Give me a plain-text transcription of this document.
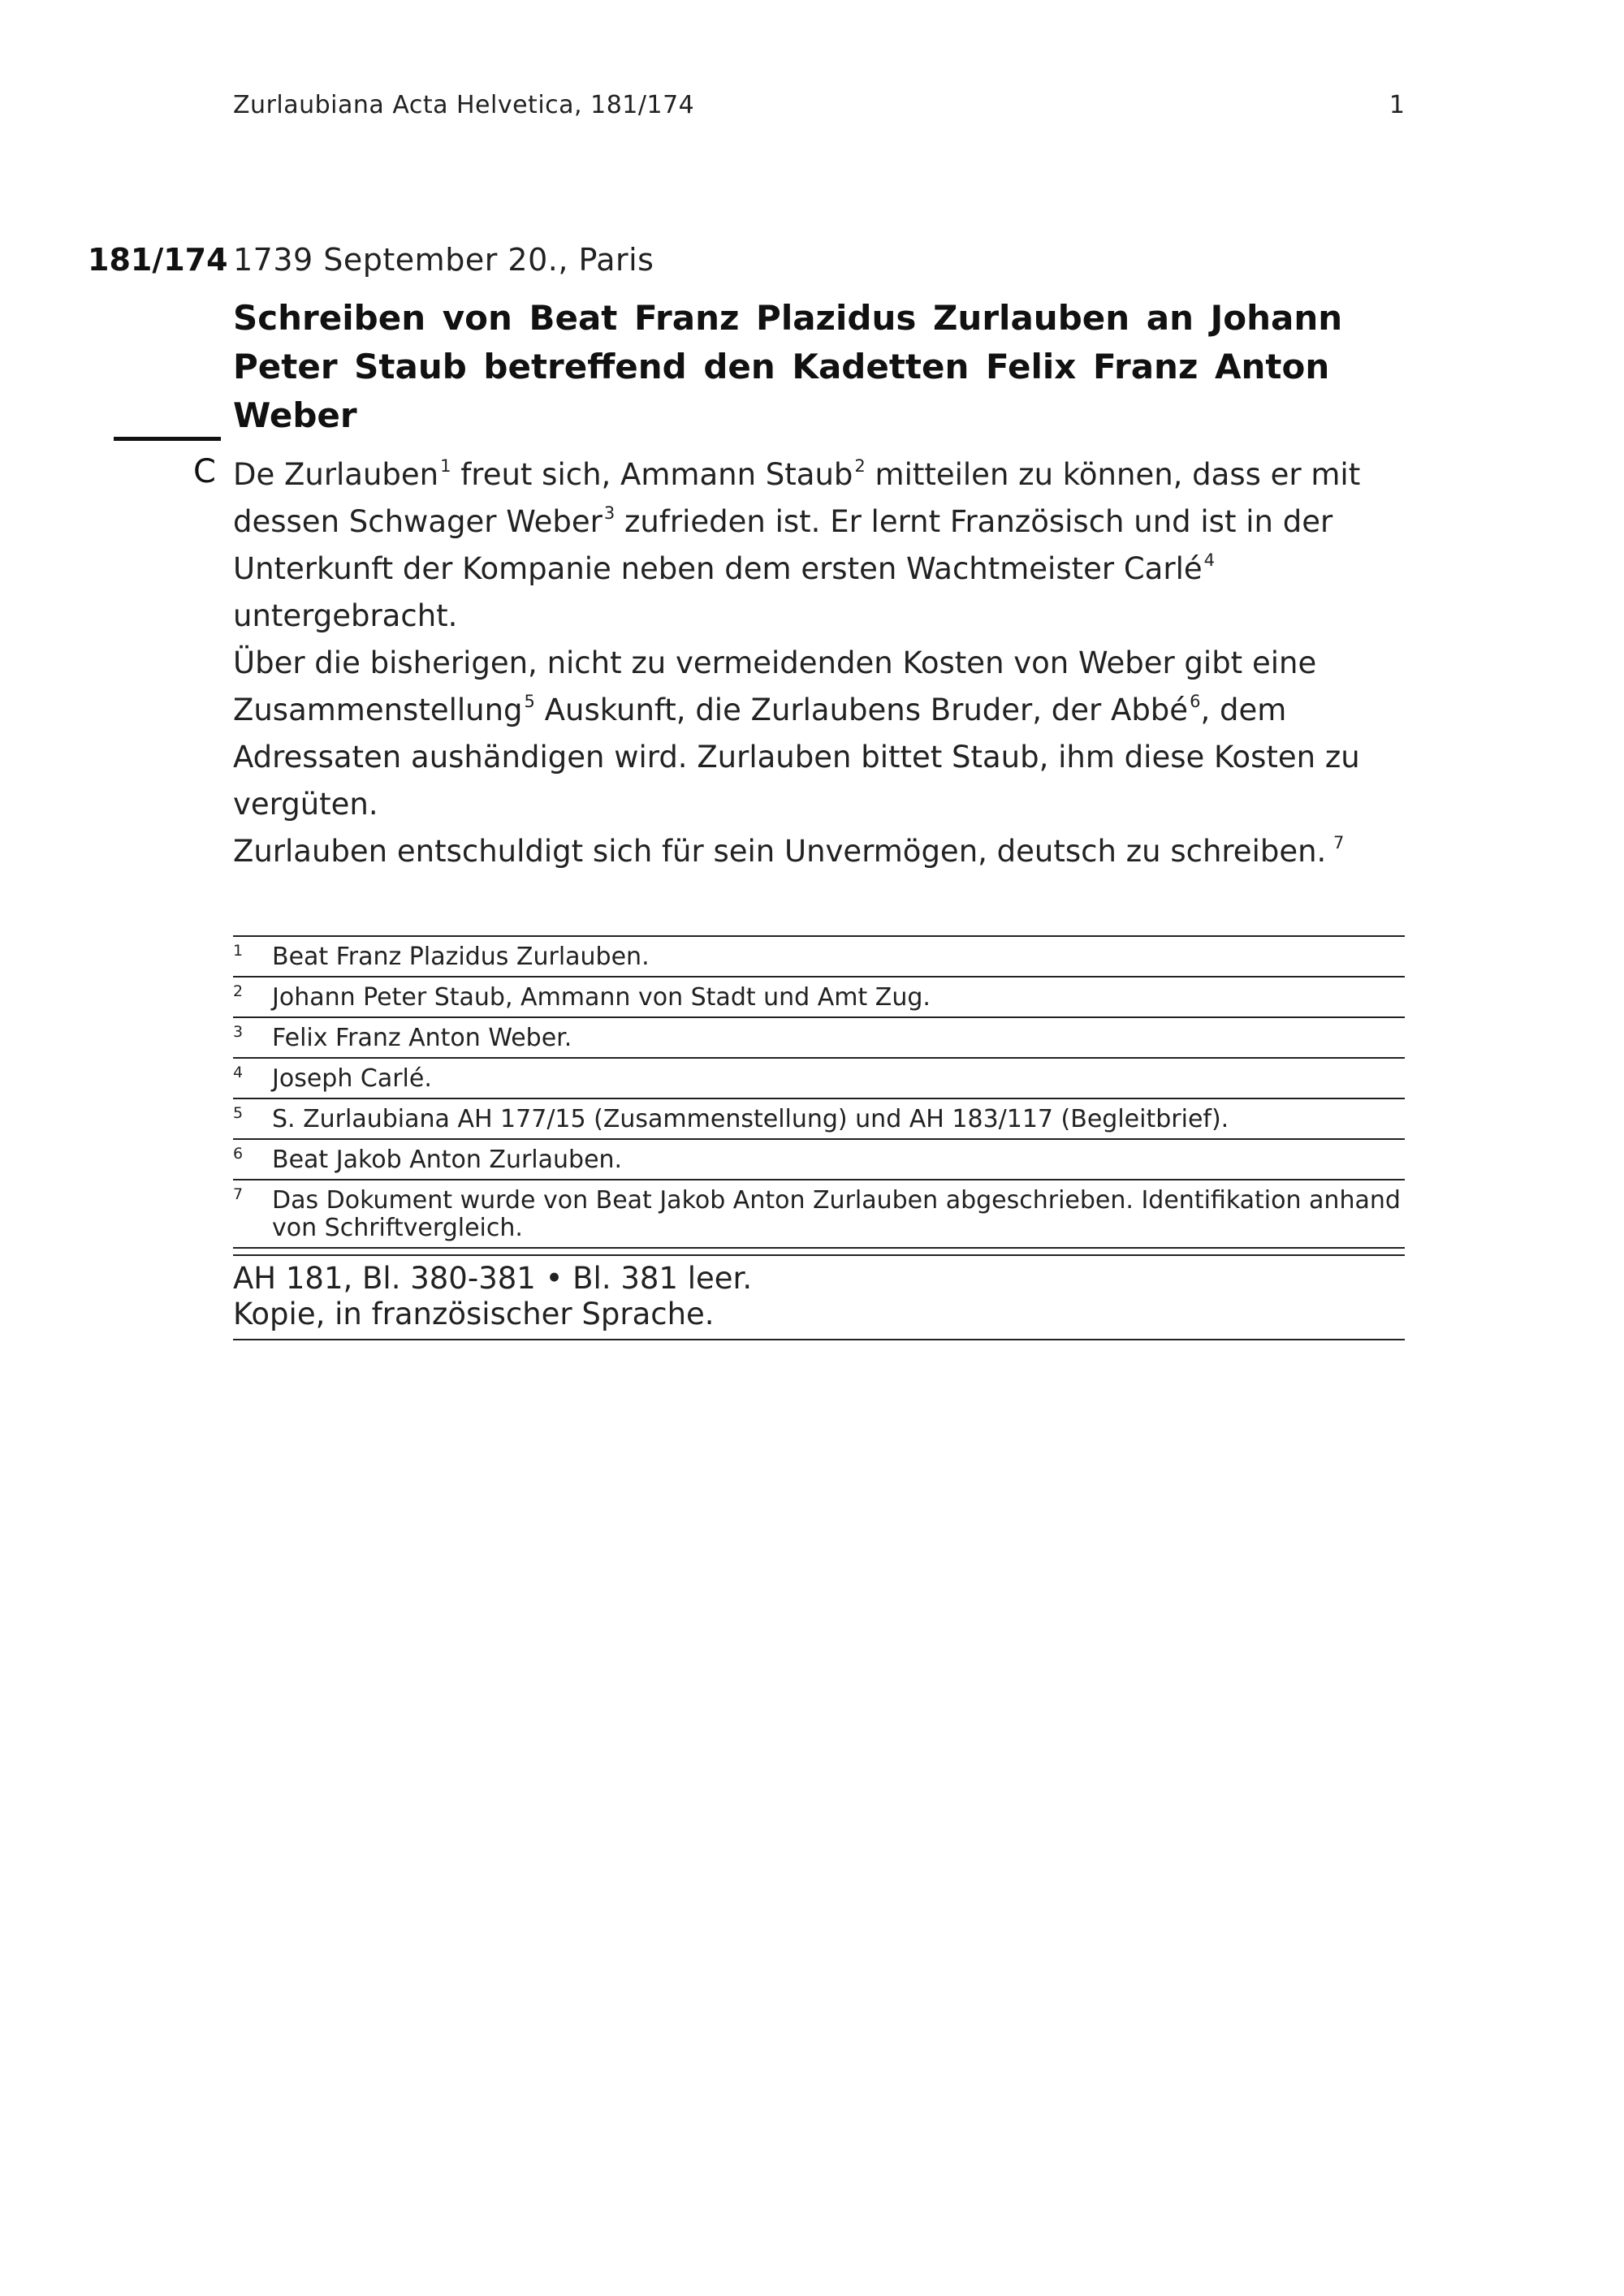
Zurlaubiana Acta Helvetica, 181/174	1
181/174 1739 September 20., Paris
Schreiben von Beat Franz Plazidus Zurlauben an Johann Peter Staub betreffend den Kadetten Felix Franz Anton Weber
C De Zurlauben$^1$ freut sich, Ammann Staub$^2$ mitteilen zu können, dass er mit dessen Schwager Weber$^3$ zufrieden ist. Er lernt Französisch und ist in der Unterkunft der Kompanie neben dem ersten Wachtmeister Carlé$^4$ untergebracht.

Über die bisherigen, nicht zu vermeidenden Kosten von Weber gibt eine Zusammenstellung$^5$ Auskunft, die Zurlaubens Bruder, der Abbé$^6$, dem Adressaten aushändigen wird. Zurlauben bittet Staub, ihm diese Kosten zu vergüten.

Zurlauben entschuldigt sich für sein Unvermögen, deutsch zu schreiben. $^7$

1	Beat Franz Plazidus Zurlauben.
2	Johann Peter Staub, Ammann von Stadt und Amt Zug.
3	Felix Franz Anton Weber.
4	Joseph Carlé.
5	S. Zurlaubiana AH 177/15 (Zusammenstellung) und AH 183/117 (Begleitbrief).
6	Beat Jakob Anton Zurlauben.
7	Das Dokument wurde von Beat Jakob Anton Zurlauben abgeschrieben. Identifikation anhand von Schriftvergleich.
AH 181, Bl. 380-381 • Bl. 381 leer.
Kopie, in französischer Sprache.
